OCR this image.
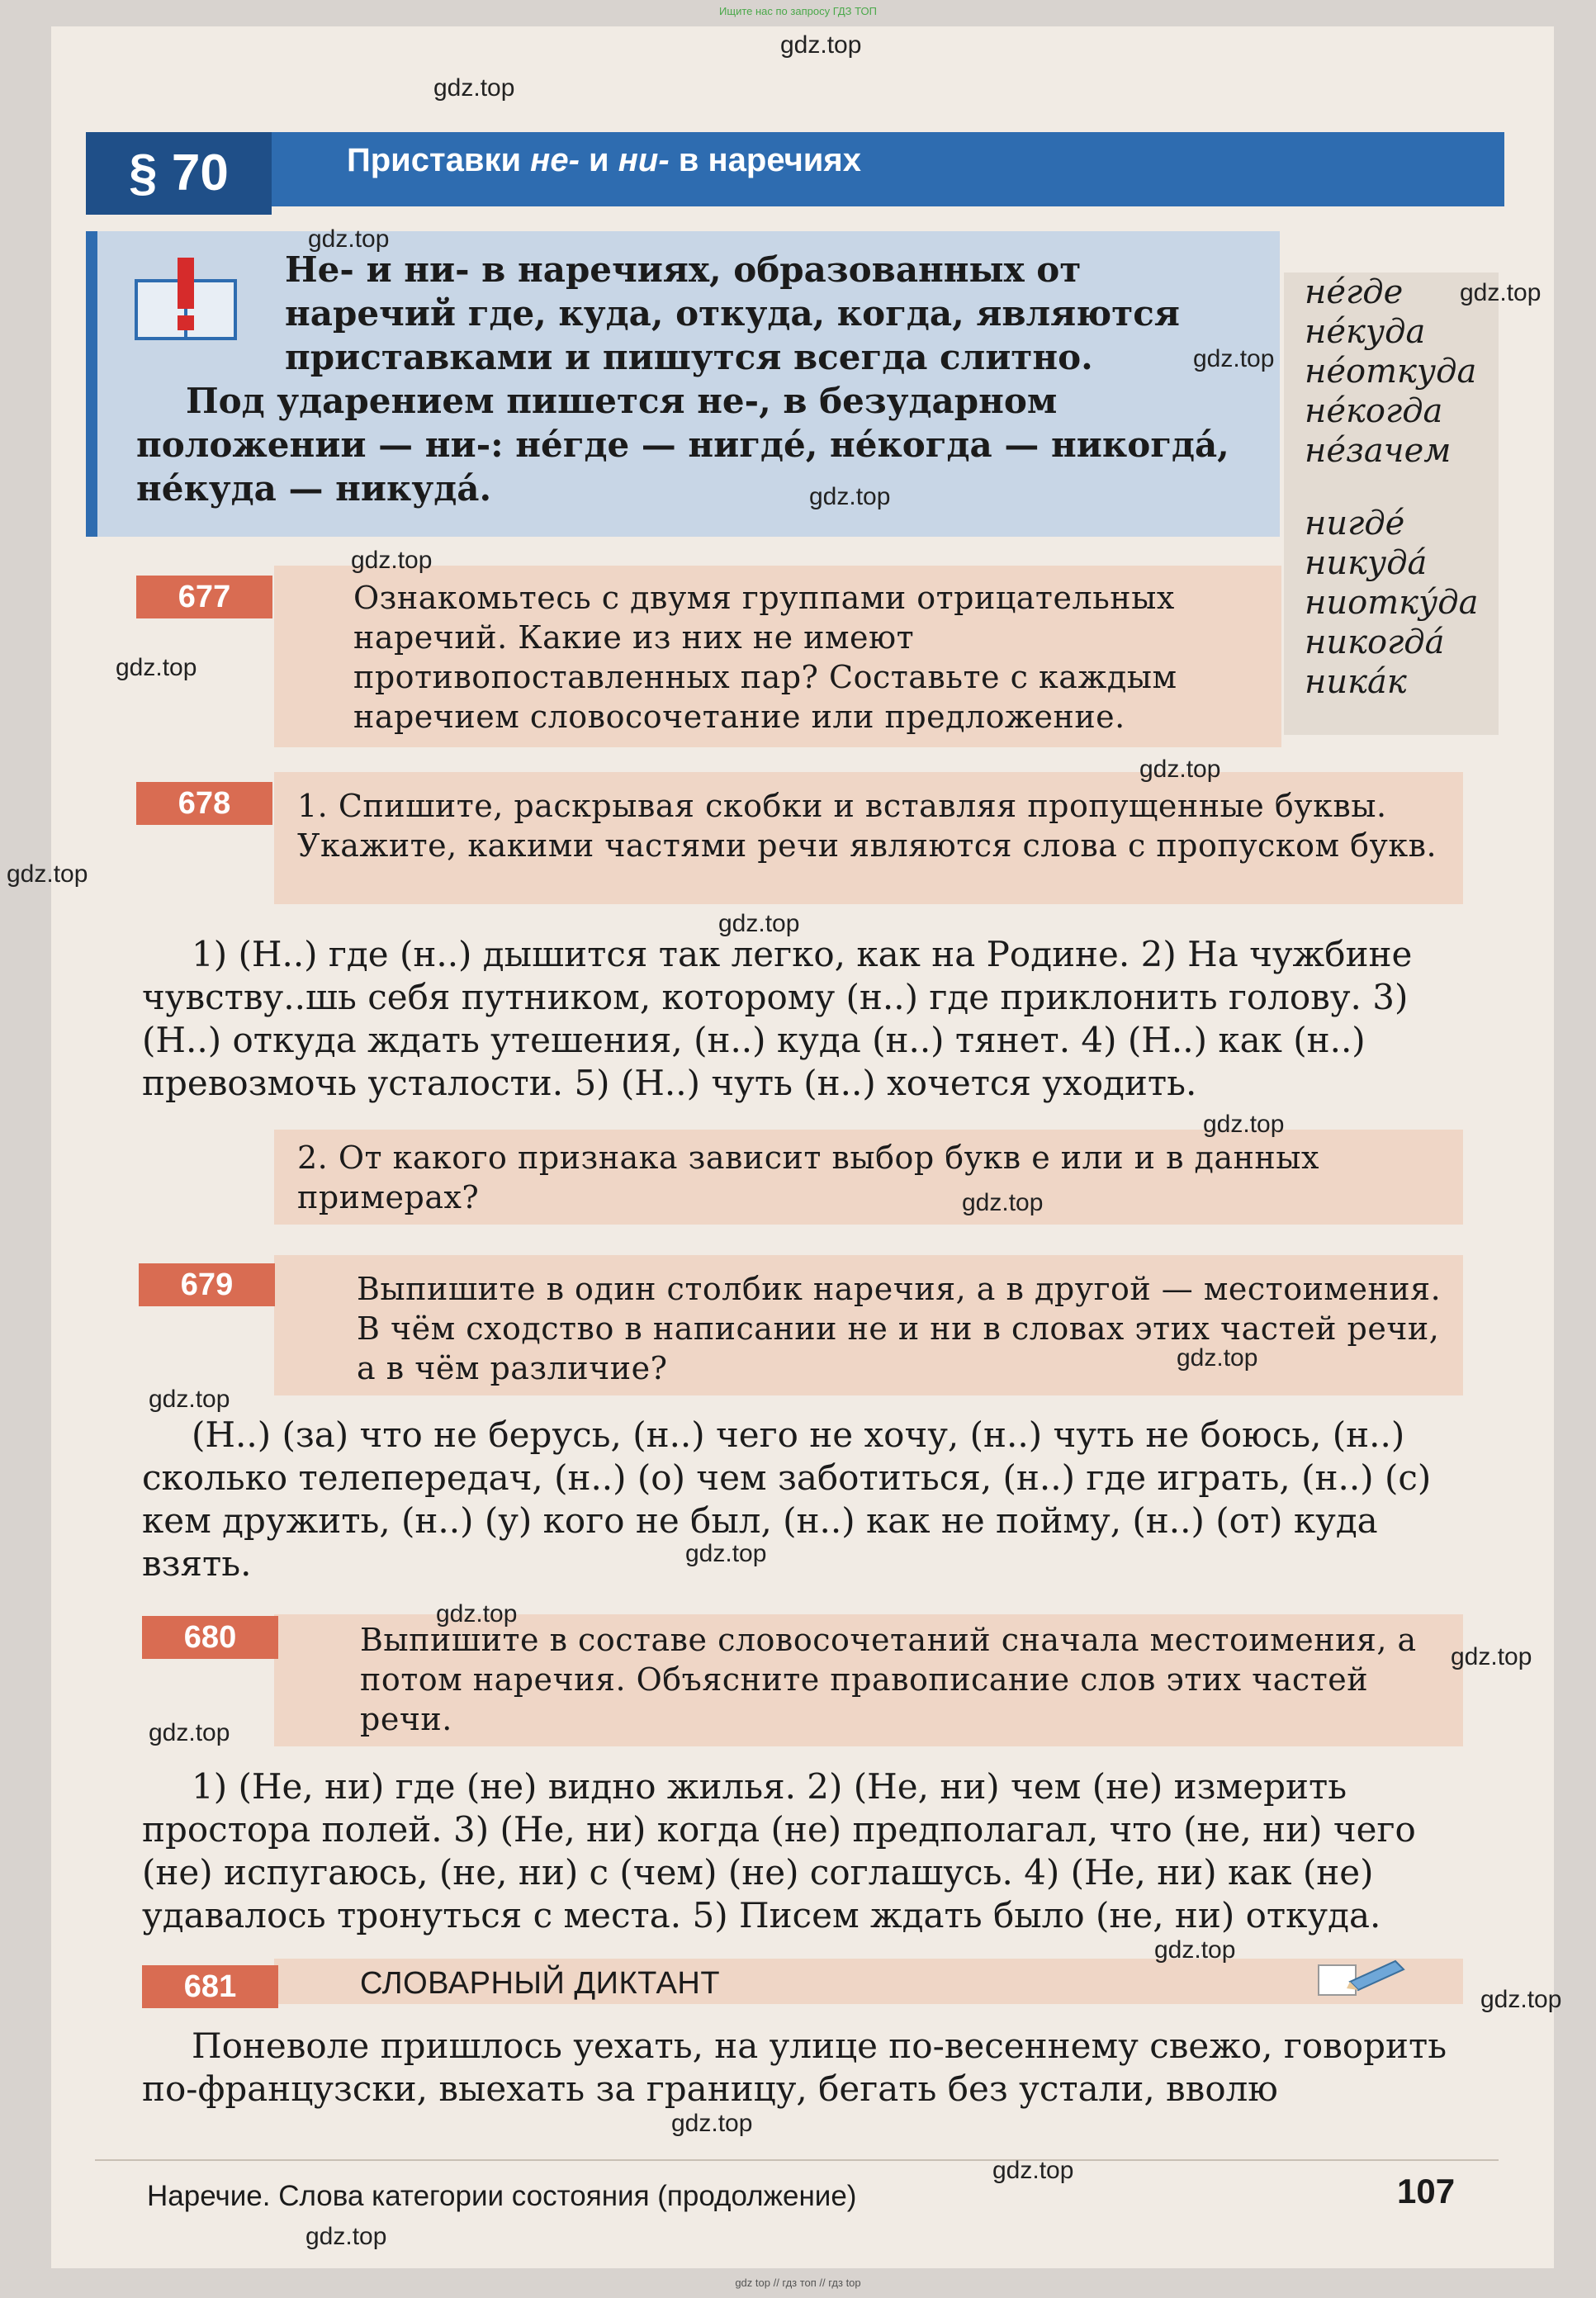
Ищите нас по запросу ГДЗ ТОП
§ 70	Приставки не- и ни- в наречиях
Не- и ни- в наречиях, образованных от наречий где, куда, откуда, когда, являются приставками и пишутся всегда слитно.
Под ударением пишется не-, в безударном положении — ни-: не́где — нигде́, не́когда — никогда́, не́куда — никуда́.
не́где
не́куда
не́откуда
не́когда
не́зачем
нигде́
никуда́
ниотку́да
никогда́
ника́к
677	Ознакомьтесь с двумя группами отрицательных наречий. Какие из них не имеют противопоставленных пар? Составьте с каждым наречием словосочетание или предложение.
678	1. Спишите, раскрывая скобки и вставляя пропущенные буквы. Укажите, какими частями речи являются слова с пропуском букв.
1) (Н..) где (н..) дышится так легко, как на Родине. 2) На чужбине чувству..шь себя путником, которому (н..) где приклонить голову. 3) (Н..) откуда ждать утешения, (н..) куда (н..) тянет. 4) (Н..) как (н..) превозмочь усталости. 5) (Н..) чуть (н..) хочется уходить.
2. От какого признака зависит выбор букв е или и в данных примерах?
679	Выпишите в один столбик наречия, а в другой — местоимения. В чём сходство в написании не и ни в словах этих частей речи, а в чём различие?
(Н..) (за) что не берусь, (н..) чего не хочу, (н..) чуть не боюсь, (н..) сколько телепередач, (н..) (о) чем заботиться, (н..) где играть, (н..) (с) кем дружить, (н..) (у) кого не был, (н..) как не пойму, (н..) (от) куда взять.
680	Выпишите в составе словосочетаний сначала местоимения, а потом наречия. Объясните правописание слов этих частей речи.
1) (Не, ни) где (не) видно жилья. 2) (Не, ни) чем (не) измерить простора полей. 3) (Не, ни) когда (не) предполагал, что (не, ни) чего (не) испугаюсь, (не, ни) с (чем) (не) соглашусь. 4) (Не, ни) как (не) удавалось тронуться с места. 5) Писем ждать было (не, ни) откуда.
681	СЛОВАРНЫЙ ДИКТАНТ
Поневоле пришлось уехать, на улице по-весеннему свежо, говорить по-французски, выехать за границу, бегать без устали, вволю
Наречие. Слова категории состояния (продолжение)	107
gdz.top
gdz.top
gdz.top
gdz.top
gdz.top
gdz.top
gdz.top
gdz.top
gdz.top
gdz.top
gdz.top
gdz.top
gdz.top
gdz.top
gdz.top
gdz.top
gdz.top
gdz.top
gdz.top
gdz.top
gdz.top
gdz.top
gdz.top
gdz.top
gdz top // гдз топ // гдз top
